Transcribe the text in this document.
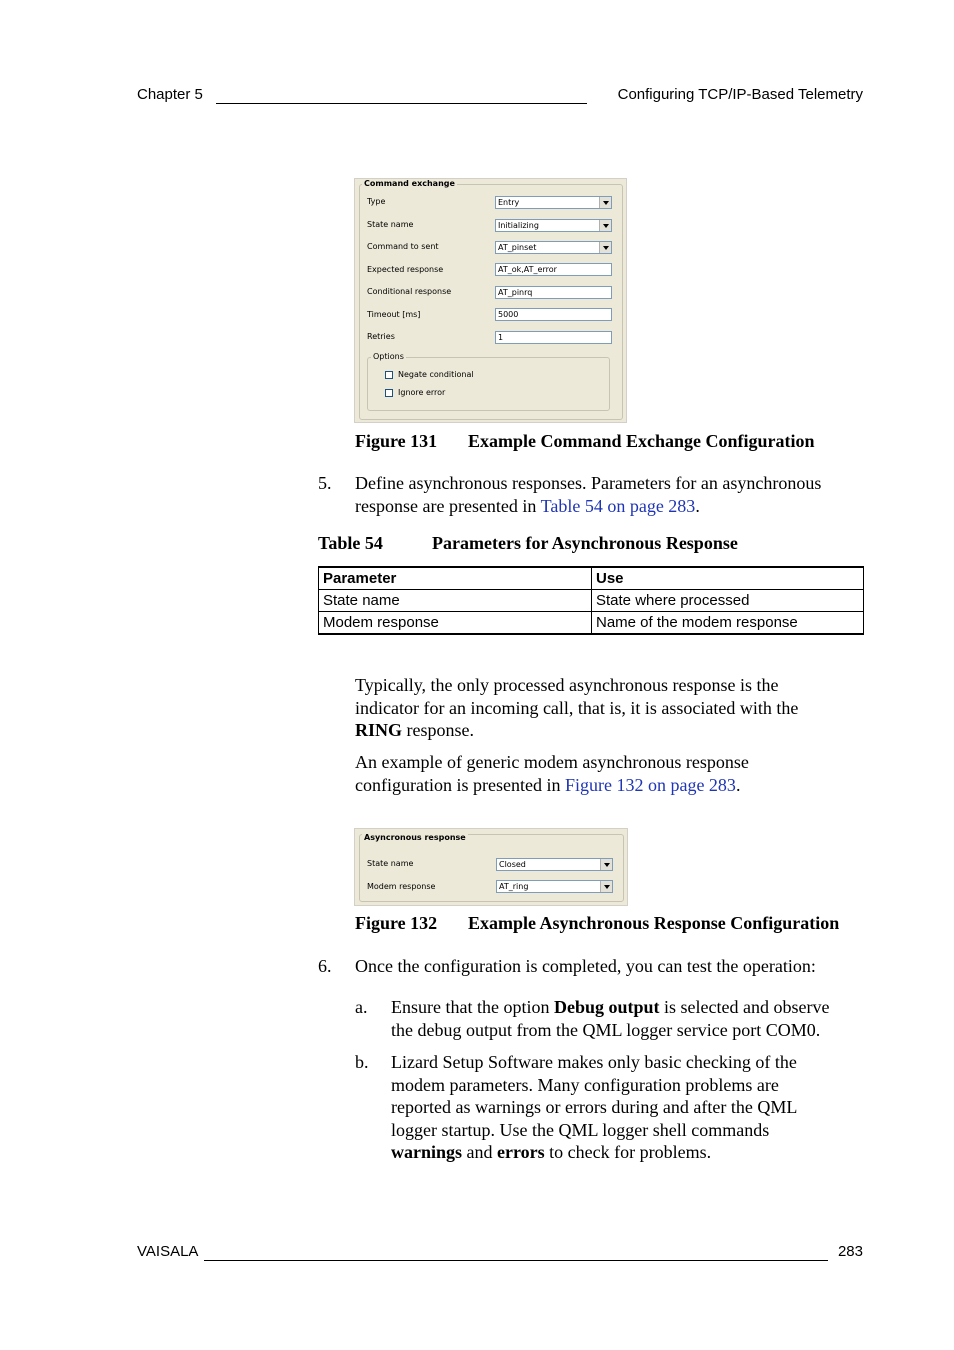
Chapter 5	Configuring TCP/IP-Based Telemetry
Command exchange
Type	Entry
State name	Initializing
Command to sent	AT_pinset
Expected response	AT_ok,AT_error
Conditional response	AT_pinrq
Timeout [ms]	5000
Retries	1
Options
Negate conditional
Ignore error
Figure 131 Example Command Exchange Configuration
5. Define asynchronous responses. Parameters for an asynchronous
response are presented in Table 54 on page 283.
Table 54	Parameters for Asynchronous Response
Parameter	Use
State name	State where processed
Modem response	Name of the modem response
Typically, the only processed asynchronous response is the
indicator for an incoming call, that is, it is associated with the
RING response.
An example of generic modem asynchronous response
configuration is presented in Figure 132 on page 283.
Asyncronous response
State name	Closed
Modem response	AT_ring
Figure 132 Example Asynchronous Response Configuration
6. Once the configuration is completed, you can test the operation:
a. Ensure that the option Debug output is selected and observe
the debug output from the QML logger service port COM0.
b. Lizard Setup Software makes only basic checking of the
modem parameters. Many configuration problems are
reported as warnings or errors during and after the QML
logger startup. Use the QML logger shell commands
warnings and errors to check for problems.
VAISALA	283
